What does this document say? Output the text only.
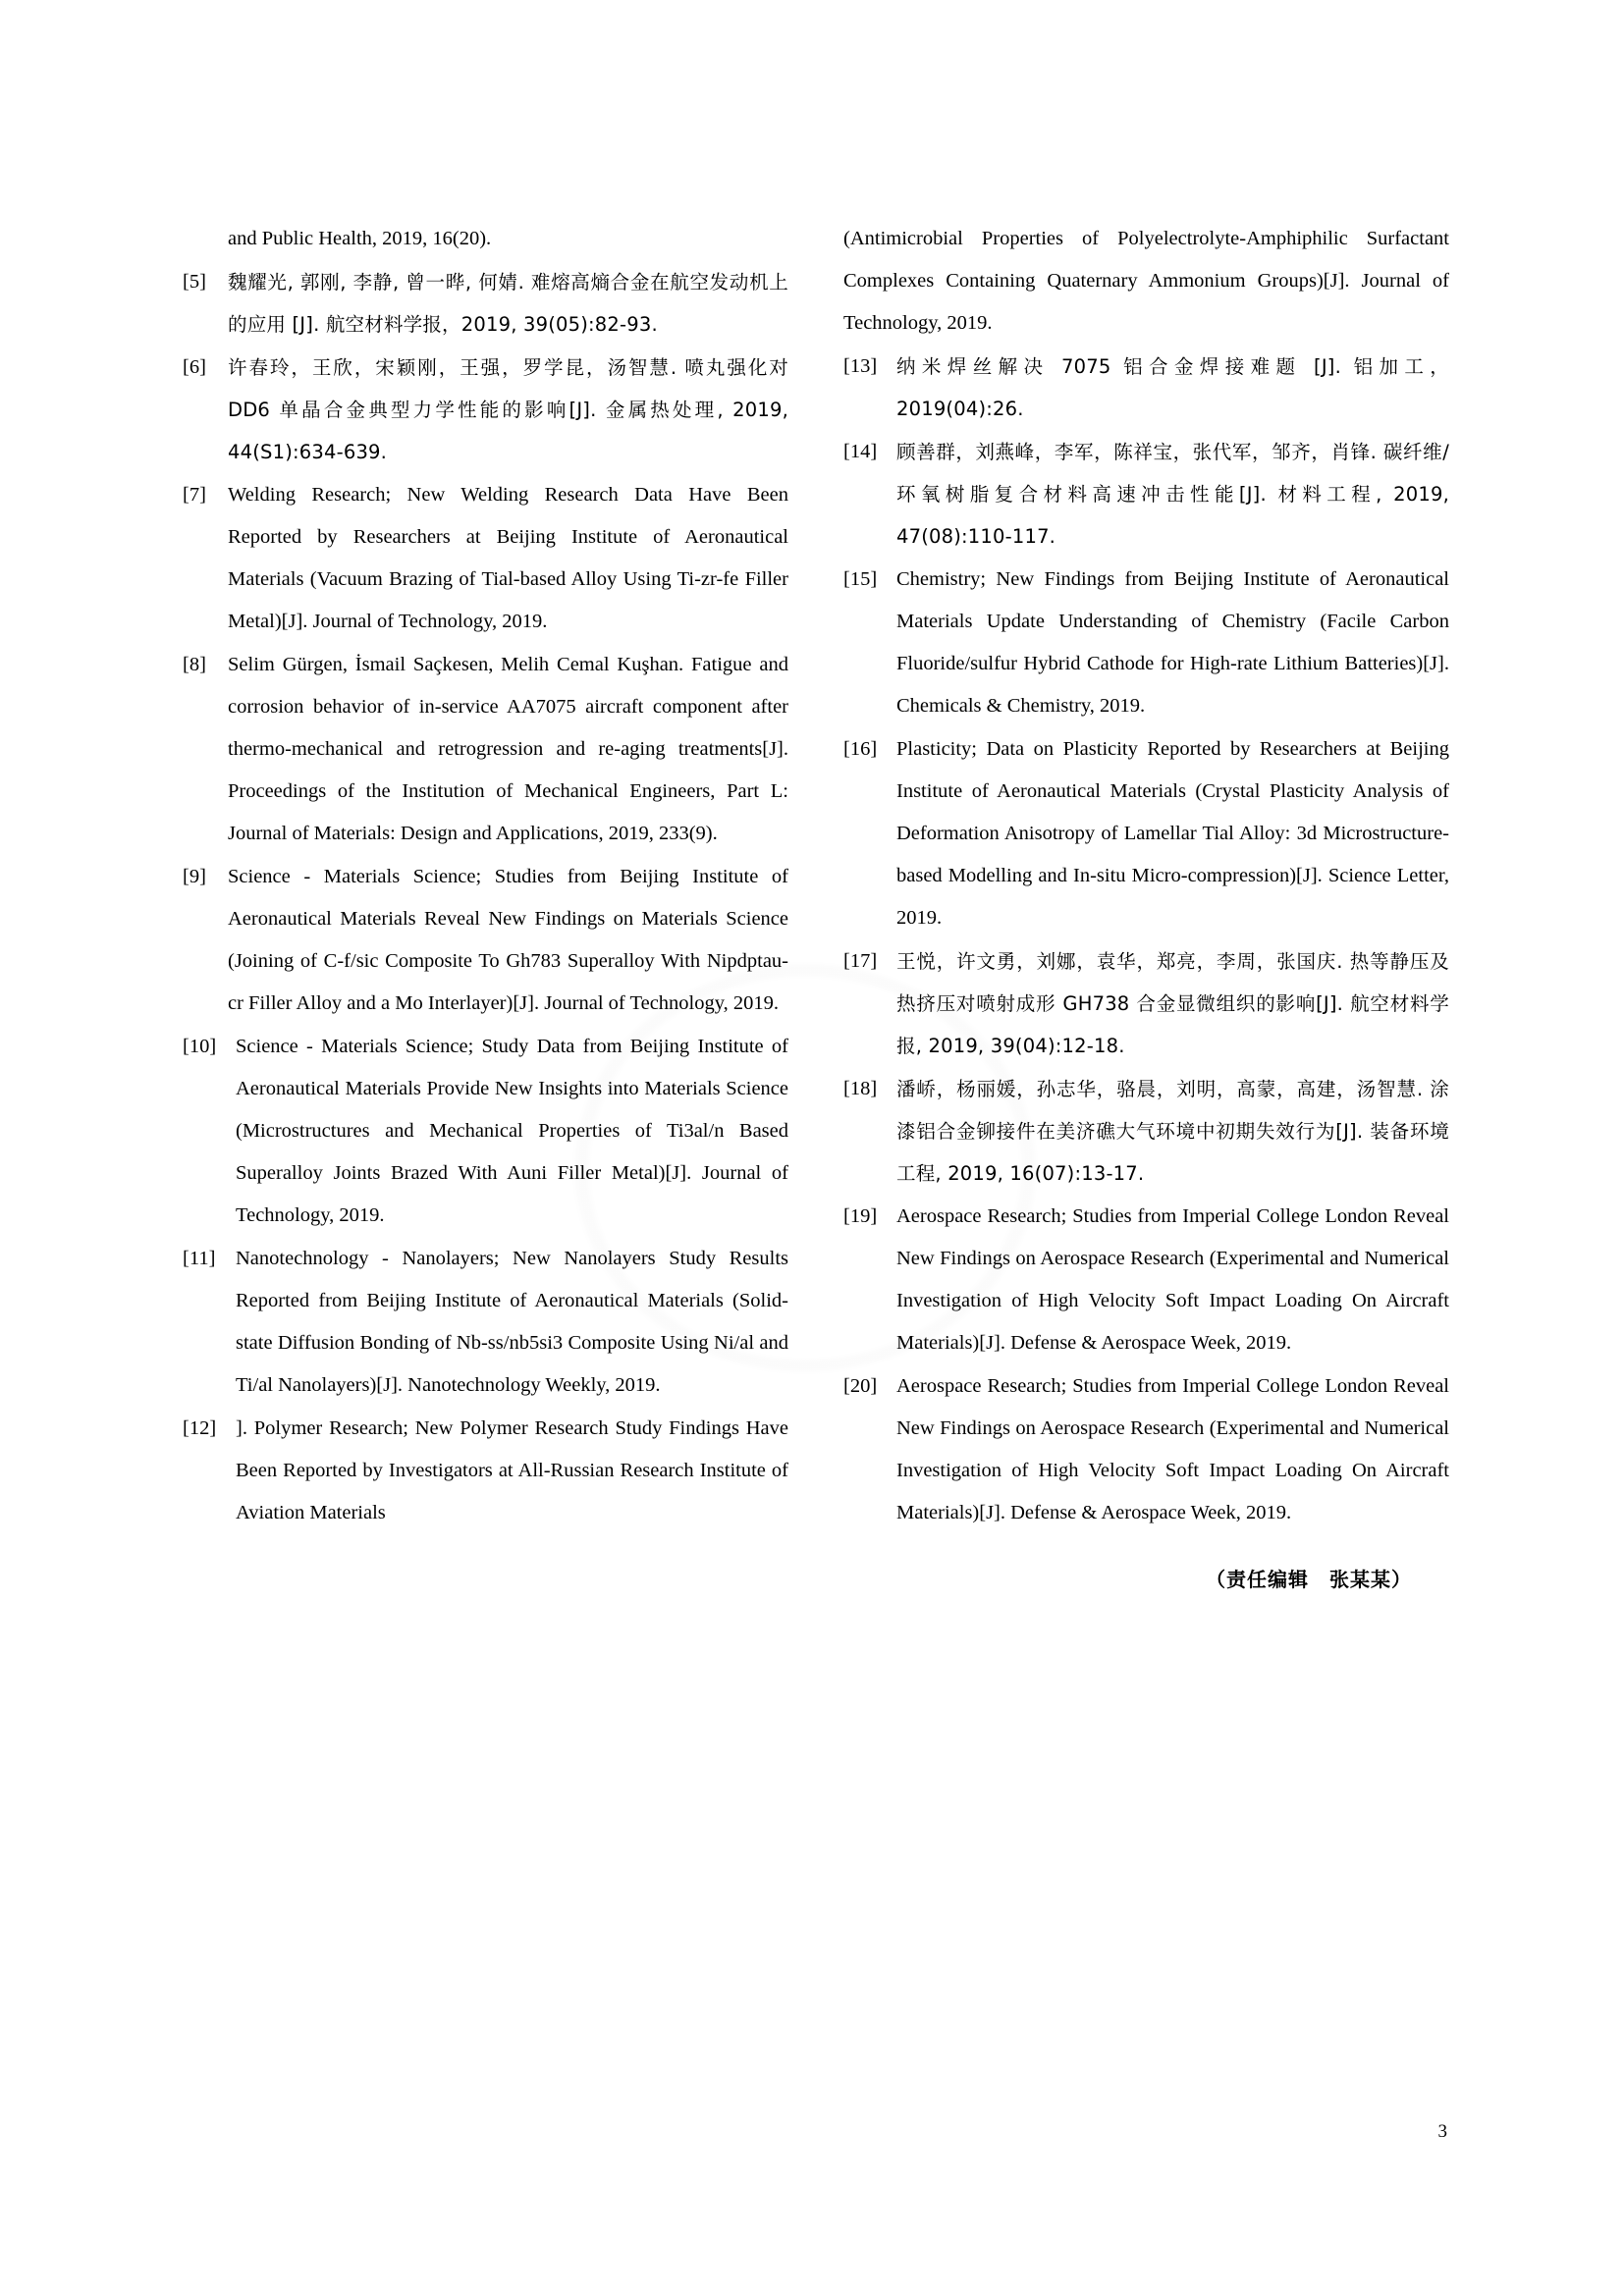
and Public Health, 2019, 16(20).
[5]	魏耀光, 郭刚, 李静, 曾一晔, 何婧. 难熔高熵合金在航空发动机上的应用 [J]. 航空材料学报，2019, 39(05):82-93.
[6]	许春玲，王欣，宋颖刚，王强，罗学昆，汤智慧. 喷丸强化对 DD6 单晶合金典型力学性能的影响[J]. 金属热处理, 2019, 44(S1):634-639.
[7]	Welding Research; New Welding Research Data Have Been Reported by Researchers at Beijing Institute of Aeronautical Materials (Vacuum Brazing of Tial-based Alloy Using Ti-zr-fe Filler Metal)[J]. Journal of Technology, 2019.
[8]	Selim Gürgen, İsmail Saçkesen, Melih Cemal Kuşhan. Fatigue and corrosion behavior of in-service AA7075 aircraft component after thermo-mechanical and retrogression and re-aging treatments[J]. Proceedings of the Institution of Mechanical Engineers, Part L: Journal of Materials: Design and Applications, 2019, 233(9).
[9]	Science - Materials Science; Studies from Beijing Institute of Aeronautical Materials Reveal New Findings on Materials Science (Joining of C-f/sic Composite To Gh783 Superalloy With Nipdptau-cr Filler Alloy and a Mo Interlayer)[J]. Journal of Technology, 2019.
[10] Science - Materials Science; Study Data from Beijing Institute of Aeronautical Materials Provide New Insights into Materials Science (Microstructures and Mechanical Properties of Ti3al/n Based Superalloy Joints Brazed With Auni Filler Metal)[J]. Journal of Technology, 2019.
[11]	Nanotechnology - Nanolayers; New Nanolayers Study Results Reported from Beijing Institute of Aeronautical Materials (Solid-state Diffusion Bonding of Nb-ss/nb5si3 Composite Using Ni/al and Ti/al Nanolayers)[J]. Nanotechnology Weekly, 2019.
[12] ]. Polymer Research; New Polymer Research Study Findings Have Been Reported by Investigators at All-Russian Research Institute of Aviation Materials
(Antimicrobial Properties of Polyelectrolyte-Amphiphilic Surfactant Complexes Containing Quaternary Ammonium Groups)[J]. Journal of Technology, 2019.
[13]	纳米焊丝解决 7075 铝合金焊接难题 [J]. 铝加工，2019(04):26.
[14]	顾善群，刘燕峰，李军，陈祥宝，张代军，邹齐，肖锋. 碳纤维/环氧树脂复合材料高速冲击性能[J]. 材料工程, 2019, 47(08):110-117.
[15] Chemistry; New Findings from Beijing Institute of Aeronautical Materials Update Understanding of Chemistry (Facile Carbon Fluoride/sulfur Hybrid Cathode for High-rate Lithium Batteries)[J]. Chemicals & Chemistry, 2019.
[16] Plasticity; Data on Plasticity Reported by Researchers at Beijing Institute of Aeronautical Materials (Crystal Plasticity Analysis of Deformation Anisotropy of Lamellar Tial Alloy: 3d Microstructure-based Modelling and In-situ Micro-compression)[J]. Science Letter, 2019.
[17]	王悦，许文勇，刘娜，袁华，郑亮，李周，张国庆. 热等静压及热挤压对喷射成形 GH738 合金显微组织的影响[J]. 航空材料学报, 2019, 39(04):12-18.
[18]	潘峤，杨丽媛，孙志华，骆晨，刘明，高蒙，高建，汤智慧. 涂漆铝合金铆接件在美济礁大气环境中初期失效行为[J]. 装备环境工程, 2019, 16(07):13-17.
[19] Aerospace Research; Studies from Imperial College London Reveal New Findings on Aerospace Research (Experimental and Numerical Investigation of High Velocity Soft Impact Loading On Aircraft Materials)[J]. Defense & Aerospace Week, 2019.
[20] Aerospace Research; Studies from Imperial College London Reveal New Findings on Aerospace Research (Experimental and Numerical Investigation of High Velocity Soft Impact Loading On Aircraft Materials)[J]. Defense & Aerospace Week, 2019.
（责任编辑　张某某）
3
